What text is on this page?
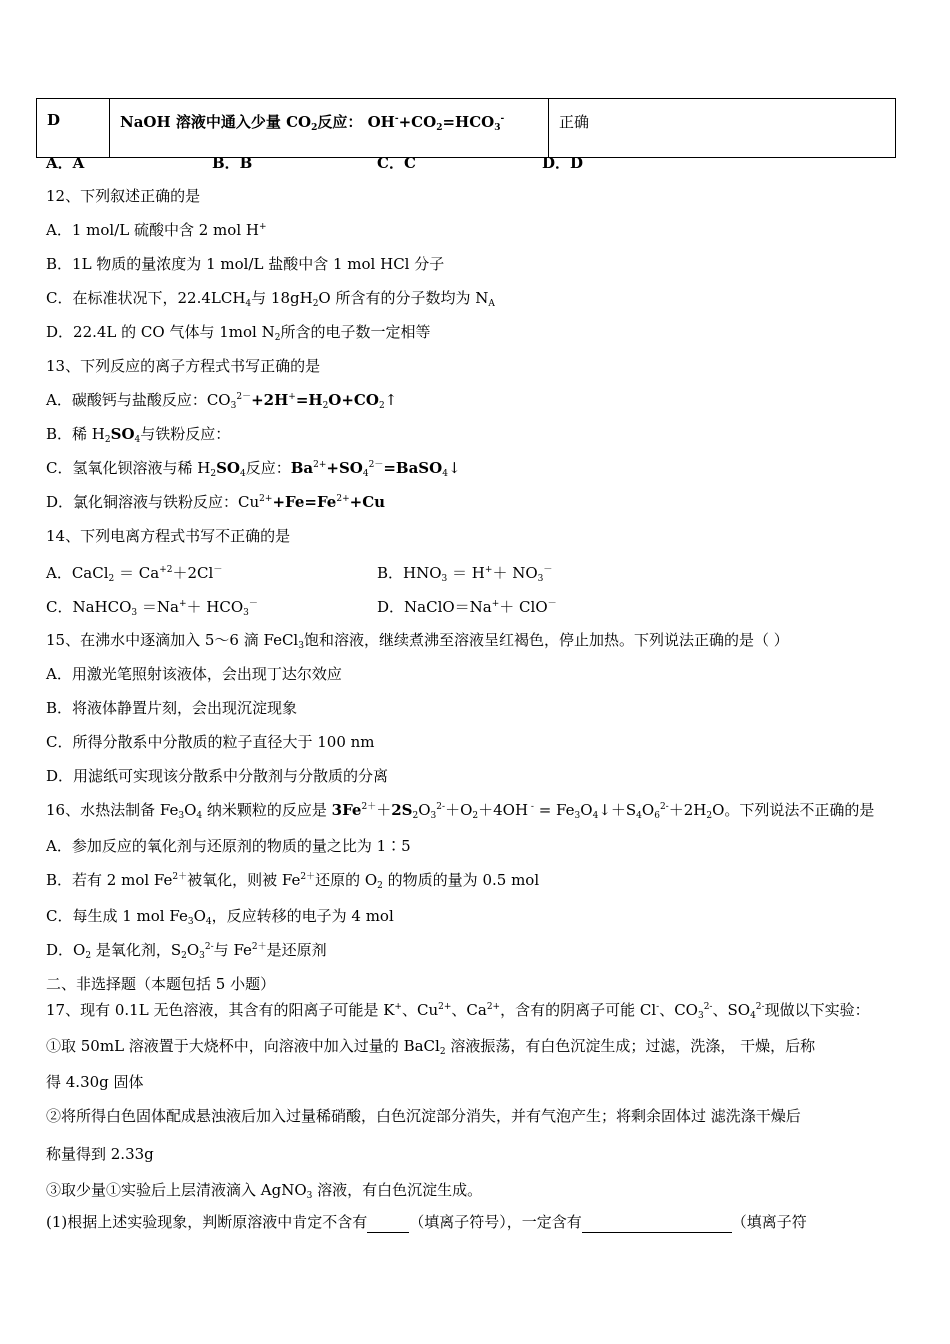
D	NaOH 溶液中通入少量 $CO_2$反应： $OH^-+CO_2=HCO_3^-$	正确
A．A	B．B	C．C	D．D
12、下列叙述正确的是
A．1 mol/L 硫酸中含 2 mol H+
B．1L 物质的量浓度为 1 mol/L 盐酸中含 1 mol HCl 分子
C．在标准状况下，$22.4LCH_4$与 $18gH_2O$ 所含有的分子数均为 $N_A$
D．22.4L 的 CO 气体与 1mol $N_2$所含的电子数一定相等
13、下列反应的离子方程式书写正确的是
A．碳酸钙与盐酸反应：$CO_3^{2-}+2H^+=H_2O+CO_2↑$
B．稀 $H_2SO_4$与铁粉反应：
C．氢氧化钡溶液与稀 $H_2SO_4$反应：$Ba^{2+}+SO_4^{2-}=BaSO_4↓$
D．氯化铜溶液与铁粉反应：$Cu^{2+}+Fe=Fe^{2+}+Cu$
14、下列电离方程式书写不正确的是
A．CaCl$_2$ ＝ $Ca^{+2}+2Cl^-$	B．$HNO_3 = H^++ NO_3^-$
C．NaHCO$_3$ $=Na^++ HCO_3^-$	D．NaClO＝Na+＋ ClO－
15、在沸水中逐滴加入 5～6 滴 FeCl$_3$饱和溶液，继续煮沸至溶液呈红褐色，停止加热。下列说法正确的是（ ）
A．用激光笔照射该液体，会出现丁达尔效应
B．将液体静置片刻，会出现沉淀现象
C．所得分散系中分散质的粒子直径大于 100 nm
D．用滤纸可实现该分散系中分散剂与分散质的分离
16、水热法制备 $Fe_3O_4$ 纳米颗粒的反应是 $3Fe^{2+}+2S_2O_3^{2-}+O_2+4OH$ $^- = Fe_3O_4↓+S_4O_6^{2-}+2H_2O$。下列说法不正确的是
A．参加反应的氧化剂与还原剂的物质的量之比为 1∶5
B．若有 2 mol $Fe^{2+}$被氧化，则被 $Fe^{2+}$还原的 $O_2$ 的物质的量为 0.5 mol
C．每生成 1 mol $Fe_3O_4$，反应转移的电子为 4 mol
D．$O_2$ 是氧化剂，$S_2O_3^{2-}$与 $Fe^{2+}$是还原剂
二、非选择题（本题包括 5 小题）
17、现有 0.1L 无色溶液，其含有的阳离子可能是 K+、$Cu^{2+}$、$Ca^{2+}$，含有的阴离子可能 Cl-、$CO_3^{2-}$、$SO_4^{2-}$现做以下实验：
①取 50mL 溶液置于大烧杯中，向溶液中加入过量的 BaCl$_2$ 溶液振荡，有白色沉淀生成；过滤，洗涤， 干燥，后称
得 4.30g 固体
②将所得白色固体配成悬浊液后加入过量稀硝酸，白色沉淀部分消失，并有气泡产生；将剩余固体过 滤洗涤干燥后
称量得到 2.33g
③取少量①实验后上层清液滴入 AgNO$_3$ 溶液，有白色沉淀生成。
(1)根据上述实验现象，判断原溶液中肯定不含有	（填离子符号），一定含有	（填离子符
